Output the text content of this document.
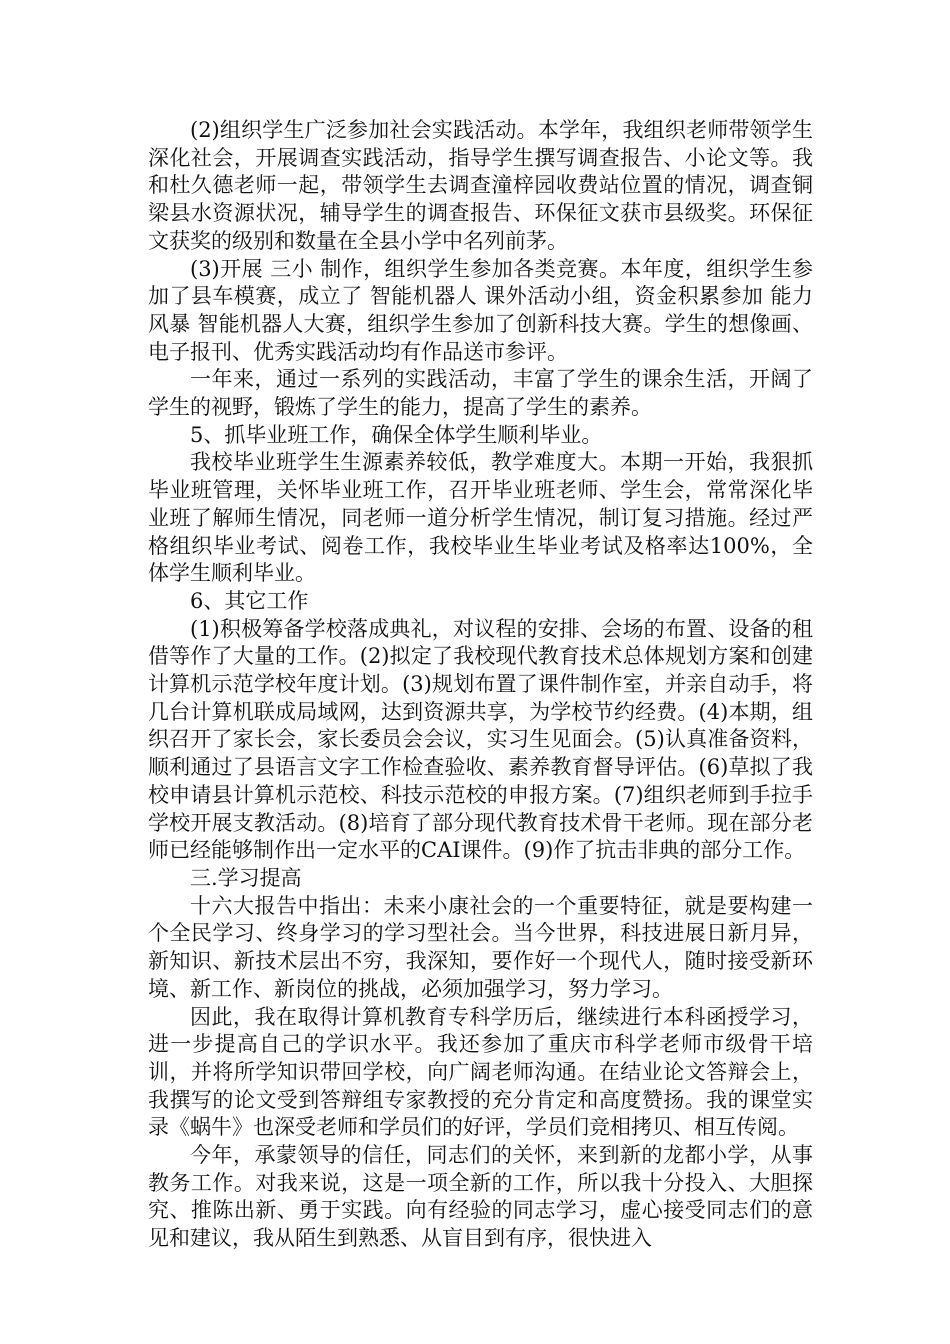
(2)组织学生广泛参加社会实践活动。本学年，我组织老师带领学生深化社会，开展调查实践活动，指导学生撰写调查报告、小论文等。我和杜久德老师一起，带领学生去调查潼梓园收费站位置的情况，调查铜梁县水资源状况，辅导学生的调查报告、环保征文获市县级奖。环保征文获奖的级别和数量在全县小学中名列前茅。

(3)开展 三小 制作，组织学生参加各类竞赛。本年度，组织学生参加了县车模赛，成立了 智能机器人 课外活动小组，资金积累参加 能力风暴 智能机器人大赛，组织学生参加了创新科技大赛。学生的想像画、电子报刊、优秀实践活动均有作品送市参评。

一年来，通过一系列的实践活动，丰富了学生的课余生活，开阔了学生的视野，锻炼了学生的能力，提高了学生的素养。

5、抓毕业班工作，确保全体学生顺利毕业。

我校毕业班学生生源素养较低，教学难度大。本期一开始，我狠抓毕业班管理，关怀毕业班工作，召开毕业班老师、学生会，常常深化毕业班了解师生情况，同老师一道分析学生情况，制订复习措施。经过严格组织毕业考试、阅卷工作，我校毕业生毕业考试及格率达100%，全体学生顺利毕业。

6、其它工作

(1)积极筹备学校落成典礼，对议程的安排、会场的布置、设备的租借等作了大量的工作。(2)拟定了我校现代教育技术总体规划方案和创建计算机示范学校年度计划。(3)规划布置了课件制作室，并亲自动手，将几台计算机联成局域网，达到资源共享，为学校节约经费。(4)本期，组织召开了家长会，家长委员会会议，实习生见面会。(5)认真准备资料，顺利通过了县语言文字工作检查验收、素养教育督导评估。(6)草拟了我校申请县计算机示范校、科技示范校的申报方案。(7)组织老师到手拉手学校开展支教活动。(8)培育了部分现代教育技术骨干老师。现在部分老师已经能够制作出一定水平的CAI课件。(9)作了抗击非典的部分工作。

三.学习提高

十六大报告中指出：未来小康社会的一个重要特征，就是要构建一个全民学习、终身学习的学习型社会。当今世界，科技进展日新月异，新知识、新技术层出不穷，我深知，要作好一个现代人，随时接受新环境、新工作、新岗位的挑战，必须加强学习，努力学习。

因此，我在取得计算机教育专科学历后，继续进行本科函授学习，进一步提高自己的学识水平。我还参加了重庆市科学老师市级骨干培训，并将所学知识带回学校，向广阔老师沟通。在结业论文答辩会上，我撰写的论文受到答辩组专家教授的充分肯定和高度赞扬。我的课堂实录《蜗牛》也深受老师和学员们的好评，学员们竞相拷贝、相互传阅。

今年，承蒙领导的信任，同志们的关怀，来到新的龙都小学，从事教务工作。对我来说，这是一项全新的工作，所以我十分投入、大胆探究、推陈出新、勇于实践。向有经验的同志学习，虚心接受同志们的意见和建议，我从陌生到熟悉、从盲目到有序，很快进入
